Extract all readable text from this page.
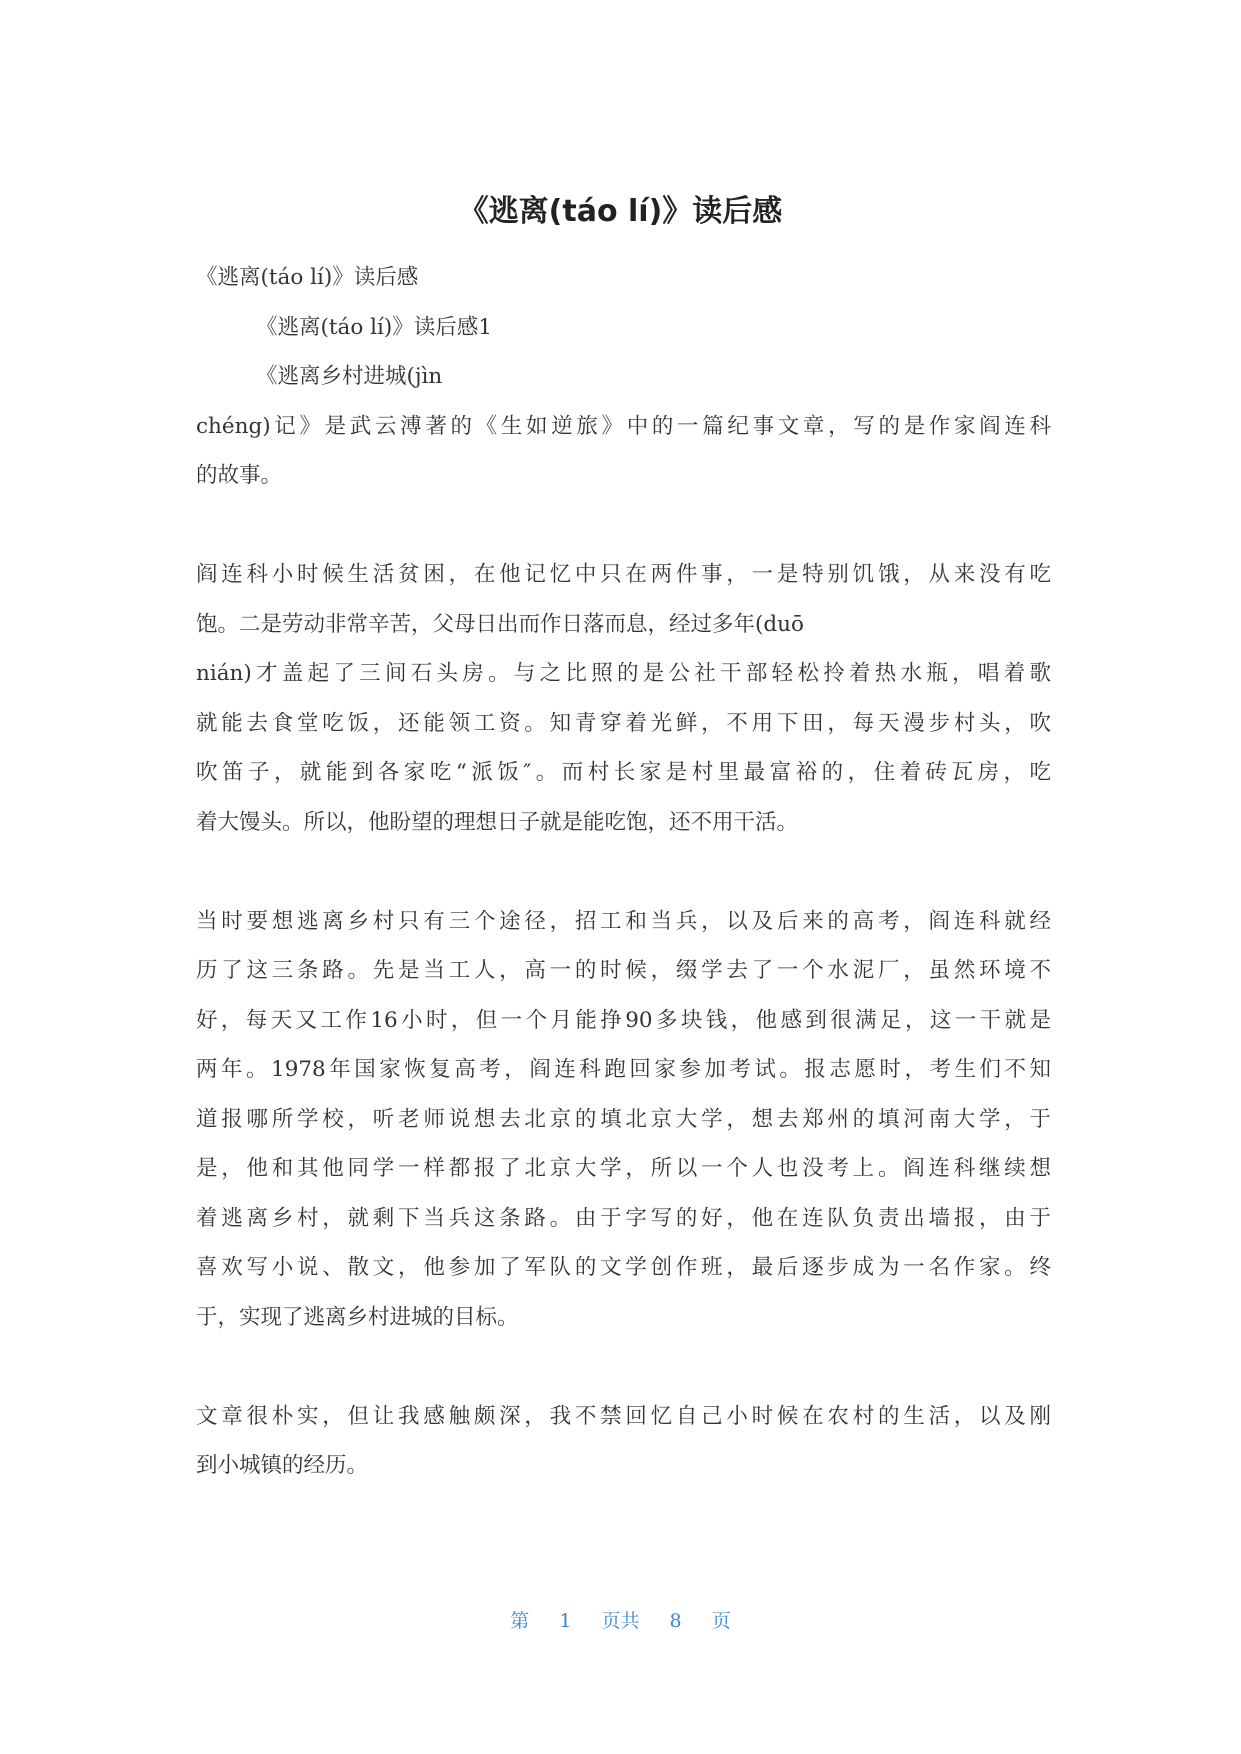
《逃离(táo lí)》读后感
《逃离(táo lí)》读后感
《逃离(táo lí)》读后感1
《逃离乡村进城(jìn
chéng)记》是武云溥著的《生如逆旅》中的一篇纪事文章，写的是作家阎连科
的故事。
阎连科小时候生活贫困，在他记忆中只在两件事，一是特别饥饿，从来没有吃
饱。二是劳动非常辛苦，父母日出而作日落而息，经过多年(duō
nián)才盖起了三间石头房。与之比照的是公社干部轻松拎着热水瓶，唱着歌
就能去食堂吃饭，还能领工资。知青穿着光鲜，不用下田，每天漫步村头，吹
吹笛子，就能到各家吃“派饭″。而村长家是村里最富裕的，住着砖瓦房，吃
着大馒头。所以，他盼望的理想日子就是能吃饱，还不用干活。
当时要想逃离乡村只有三个途径，招工和当兵，以及后来的高考，阎连科就经
历了这三条路。先是当工人，高一的时候，缀学去了一个水泥厂，虽然环境不
好，每天又工作16小时，但一个月能挣90多块钱，他感到很满足，这一干就是
两年。1978年国家恢复高考，阎连科跑回家参加考试。报志愿时，考生们不知
道报哪所学校，听老师说想去北京的填北京大学，想去郑州的填河南大学，于
是，他和其他同学一样都报了北京大学，所以一个人也没考上。阎连科继续想
着逃离乡村，就剩下当兵这条路。由于字写的好，他在连队负责出墙报，由于
喜欢写小说、散文，他参加了军队的文学创作班，最后逐步成为一名作家。终
于，实现了逃离乡村进城的目标。
文章很朴实，但让我感触颇深，我不禁回忆自己小时候在农村的生活，以及刚
到小城镇的经历。
第 1 页共 8 页
